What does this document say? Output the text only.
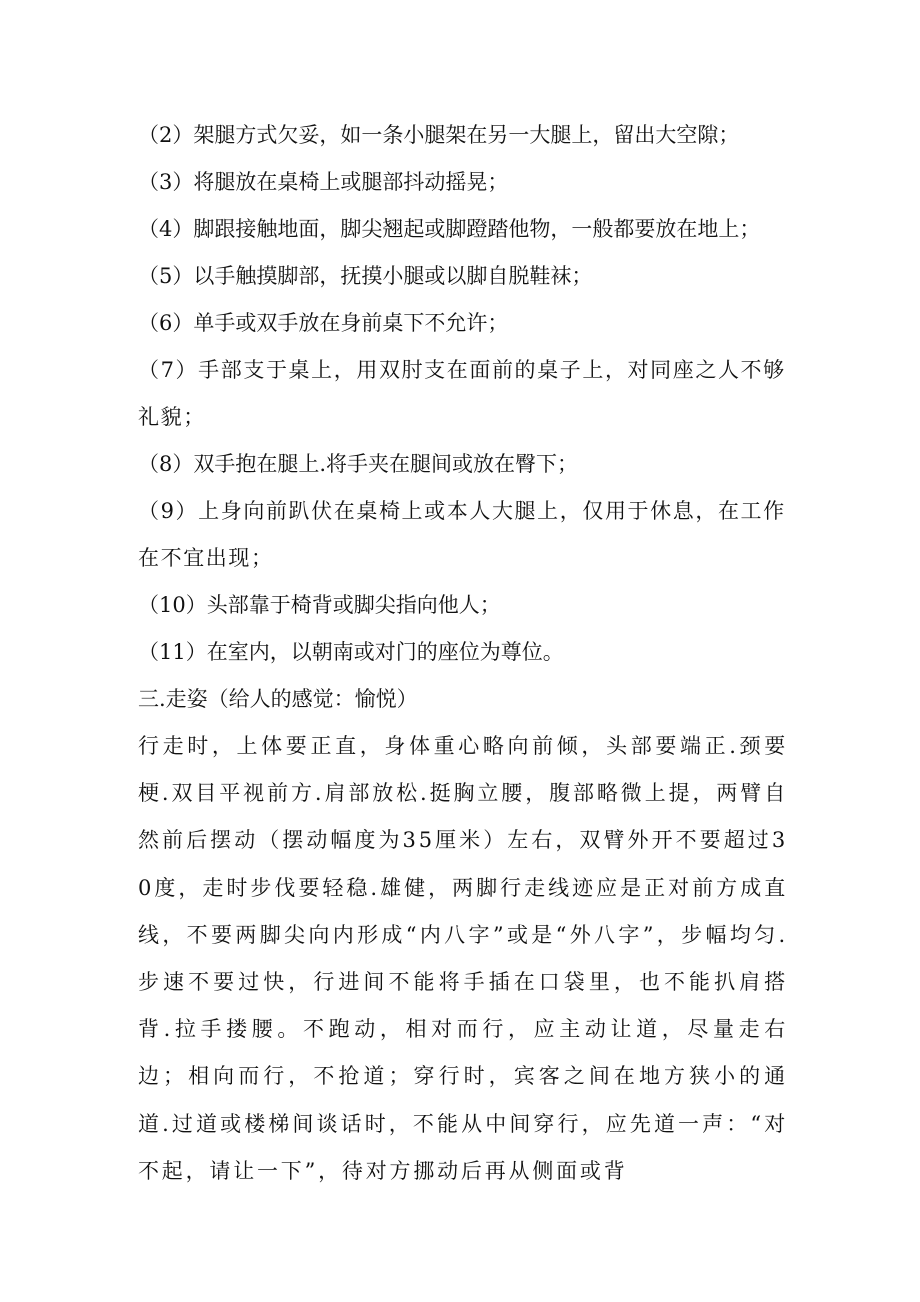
（2）架腿方式欠妥，如一条小腿架在另一大腿上，留出大空隙；

（3）将腿放在桌椅上或腿部抖动摇晃；

（4）脚跟接触地面，脚尖翘起或脚蹬踏他物，一般都要放在地上；

（5）以手触摸脚部，抚摸小腿或以脚自脱鞋袜；

（6）单手或双手放在身前桌下不允许；

（7）手部支于桌上，用双肘支在面前的桌子上，对同座之人不够礼貌；

（8）双手抱在腿上.将手夹在腿间或放在臀下；

（9）上身向前趴伏在桌椅上或本人大腿上，仅用于休息，在工作在不宜出现；

（10）头部靠于椅背或脚尖指向他人；

（11）在室内，以朝南或对门的座位为尊位。

三.走姿（给人的感觉：愉悦）

行走时，上体要正直，身体重心略向前倾，头部要端正.颈要梗.双目平视前方.肩部放松.挺胸立腰，腹部略微上提，两臂自然前后摆动（摆动幅度为35厘米）左右，双臂外开不要超过30度，走时步伐要轻稳.雄健，两脚行走线迹应是正对前方成直线，不要两脚尖向内形成“内八字”或是“外八字”，步幅均匀.步速不要过快，行进间不能将手插在口袋里，也不能扒肩搭背.拉手搂腰。不跑动，相对而行，应主动让道，尽量走右边；相向而行，不抢道；穿行时，宾客之间在地方狭小的通道.过道或楼梯间谈话时，不能从中间穿行，应先道一声：“对不起，请让一下”，待对方挪动后再从侧面或背
